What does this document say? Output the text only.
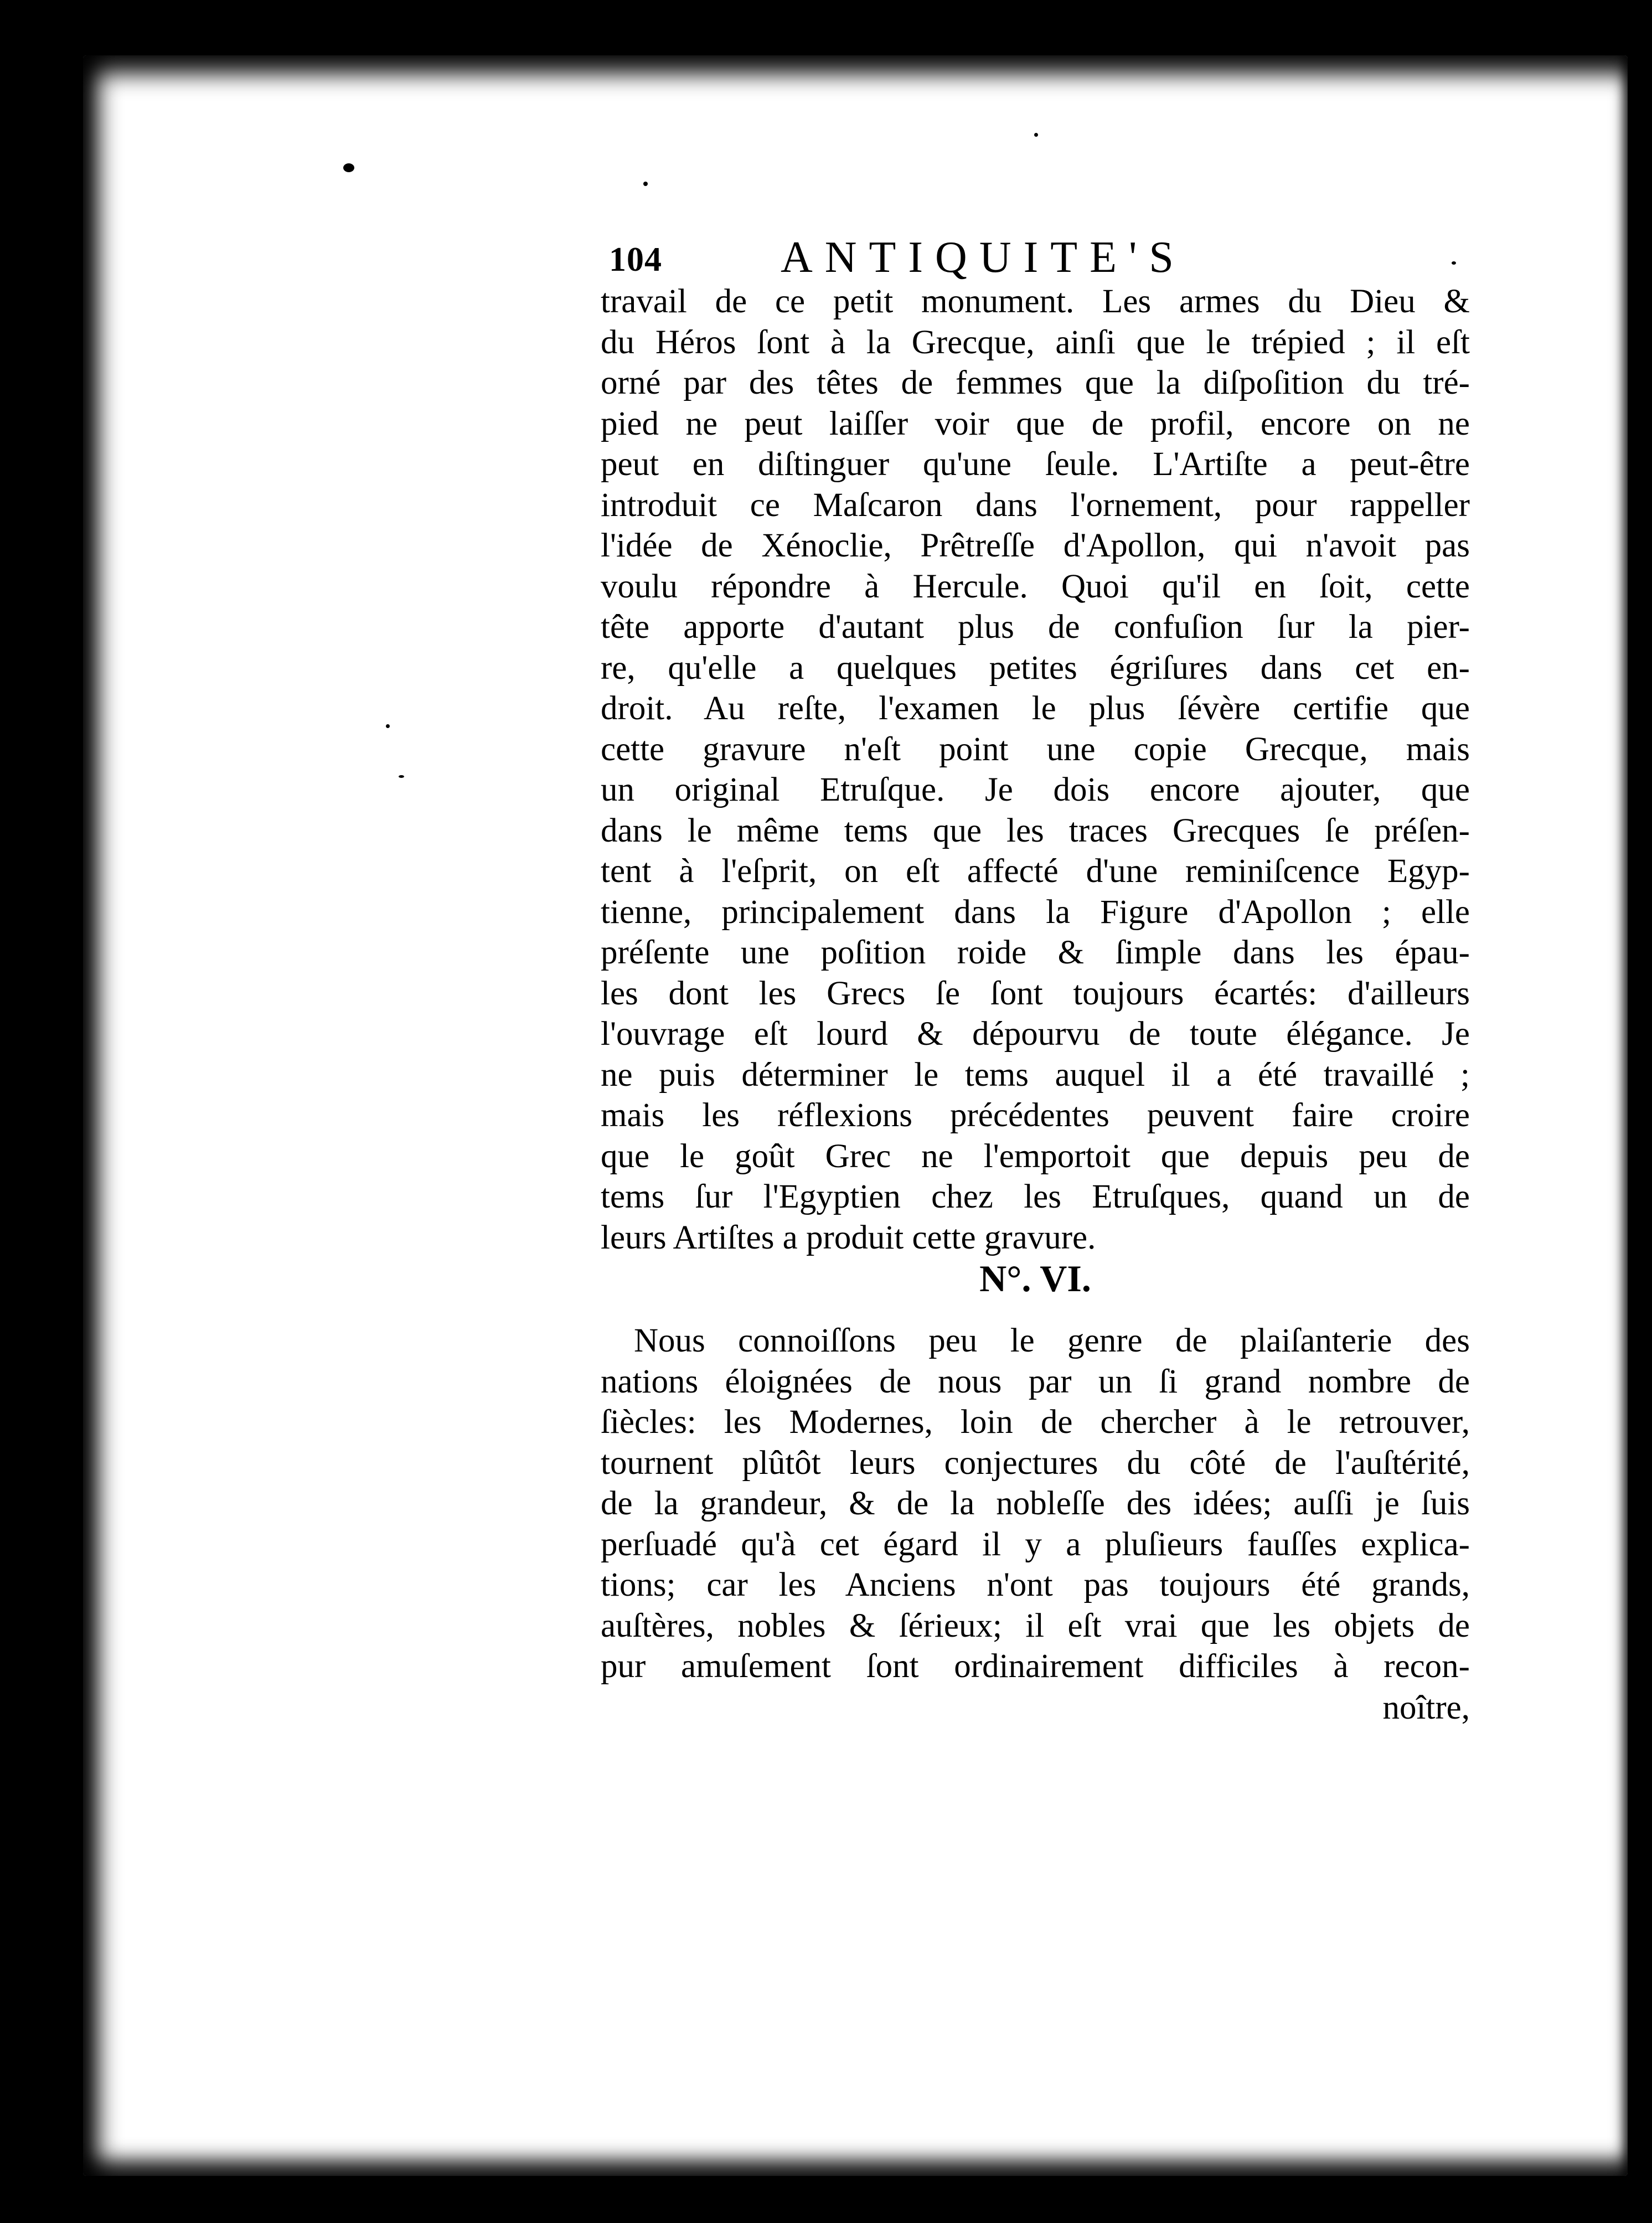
104	ANTIQUITE'S
travail de ce petit monument. Les armes du Dieu &
du Héros ſont à la Grecque, ainſi que le trépied ; il eſt
orné par des têtes de femmes que la diſpoſition du tré-
pied ne peut laiſſer voir que de profil, encore on ne
peut en diſtinguer qu'une ſeule. L'Artiſte a peut-être
introduit ce Maſcaron dans l'ornement, pour rappeller
l'idée de Xénoclie, Prêtreſſe d'Apollon, qui n'avoit pas
voulu répondre à Hercule. Quoi qu'il en ſoit, cette
tête apporte d'autant plus de confuſion ſur la pier-
re, qu'elle a quelques petites égriſures dans cet en-
droit. Au reſte, l'examen le plus ſévère certifie que
cette gravure n'eſt point une copie Grecque, mais
un original Etruſque. Je dois encore ajouter, que
dans le même tems que les traces Grecques ſe préſen-
tent à l'eſprit, on eſt affecté d'une reminiſcence Egyp-
tienne, principalement dans la Figure d'Apollon ; elle
préſente une poſition roide & ſimple dans les épau-
les dont les Grecs ſe ſont toujours écartés: d'ailleurs
l'ouvrage eſt lourd & dépourvu de toute élégance. Je
ne puis déterminer le tems auquel il a été travaillé ;
mais les réflexions précédentes peuvent faire croire
que le goût Grec ne l'emportoit que depuis peu de
tems ſur l'Egyptien chez les Etruſques, quand un de
leurs Artiſtes a produit cette gravure.
N°. VI.
Nous connoiſſons peu le genre de plaiſanterie des
nations éloignées de nous par un ſi grand nombre de
ſiècles: les Modernes, loin de chercher à le retrouver,
tournent plûtôt leurs conjectures du côté de l'auſtérité,
de la grandeur, & de la nobleſſe des idées; auſſi je ſuis
perſuadé qu'à cet égard il y a pluſieurs fauſſes explica-
tions; car les Anciens n'ont pas toujours été grands,
auſtères, nobles & ſérieux; il eſt vrai que les objets de
pur amuſement ſont ordinairement difficiles à recon-
noître,
